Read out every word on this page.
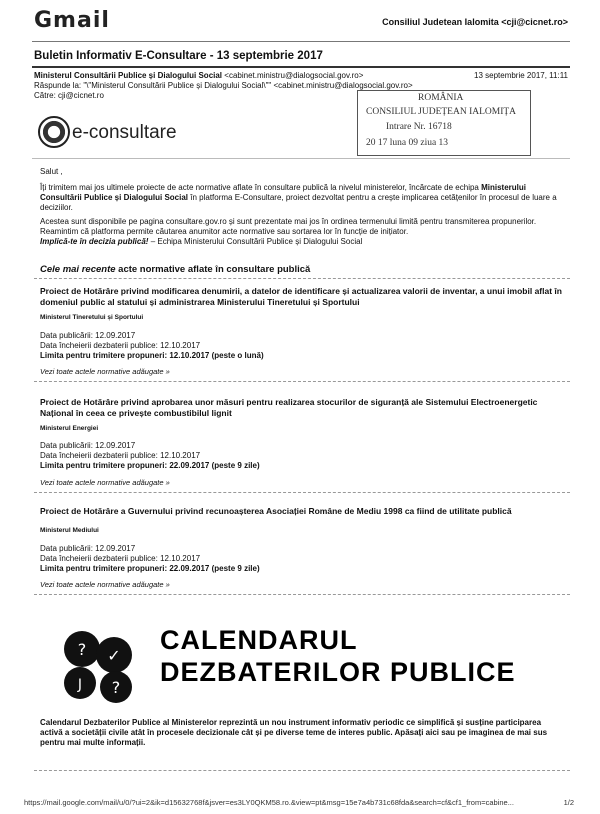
Gmail	Consiliul Judetean Ialomita <cji@cicnet.ro>
Buletin Informativ E-Consultare - 13 septembrie 2017
Ministerul Consultării Publice și Dialogului Social <cabinet.ministru@dialogsocial.gov.ro>
Răspunde la: "\"Ministerul Consultării Publice și Dialogului Social\"" <cabinet.ministru@dialogsocial.gov.ro>
Către: cji@cicnet.ro
13 septembrie 2017, 11:11
ROMÂNIA
CONSILIUL JUDEȚEAN IALOMIȚA
Intrare Nr. 16718
20 17 luna 09 ziua 13
e-consultare
Salut ,
Îți trimitem mai jos ultimele proiecte de acte normative aflate în consultare publică la nivelul ministerelor, încărcate de echipa Ministerului Consultării Publice și Dialogului Social în platforma E-Consultare, proiect dezvoltat pentru a crește implicarea cetățenilor în procesul de luare a deciziilor.
Acestea sunt disponibile pe pagina consultare.gov.ro și sunt prezentate mai jos în ordinea termenului limită pentru transmiterea propunerilor.
Reamintim că platforma permite căutarea anumitor acte normative sau sortarea lor în funcție de inițiator.
Implică-te în decizia publică! – Echipa Ministerului Consultării Publice și Dialogului Social
Cele mai recente acte normative aflate în consultare publică
Proiect de Hotărâre privind modificarea denumirii, a datelor de identificare și actualizarea valorii de inventar, a unui imobil aflat în domeniul public al statului și administrarea Ministerului Tineretului și Sportului
Ministerul Tineretului și Sportului
Data publicării: 12.09.2017
Data încheierii dezbaterii publice: 12.10.2017
Limita pentru trimitere propuneri: 12.10.2017 (peste o lună)
Vezi toate actele normative adăugate »
Proiect de Hotărâre privind aprobarea unor măsuri pentru realizarea stocurilor de siguranță ale Sistemului Electroenergetic Național în ceea ce privește combustibilul lignit
Ministerul Energiei
Data publicării: 12.09.2017
Data încheierii dezbaterii publice: 12.10.2017
Limita pentru trimitere propuneri: 22.09.2017 (peste 9 zile)
Vezi toate actele normative adăugate »
Proiect de Hotărâre a Guvernului privind recunoașterea Asociației Române de Mediu 1998 ca fiind de utilitate publică
Ministerul Mediului
Data publicării: 12.09.2017
Data încheierii dezbaterii publice: 12.10.2017
Limita pentru trimitere propuneri: 22.09.2017 (peste 9 zile)
Vezi toate actele normative adăugate »
? ✓
J ?
CALENDARUL
DEZBATERILOR PUBLICE
Calendarul Dezbaterilor Publice al Ministerelor reprezintă un nou instrument informativ periodic ce simplifică și susține participarea activă a societății civile atât în procesele decizionale cât și pe diverse teme de interes public. Apăsați aici sau pe imaginea de mai sus pentru mai multe informații.
https://mail.google.com/mail/u/0/?ui=2&ik=d15632768f&jsver=es3LY0QKM58.ro.&view=pt&msg=15e7a4b731c68fda&search=cf&cf1_from=cabine...	1/2
